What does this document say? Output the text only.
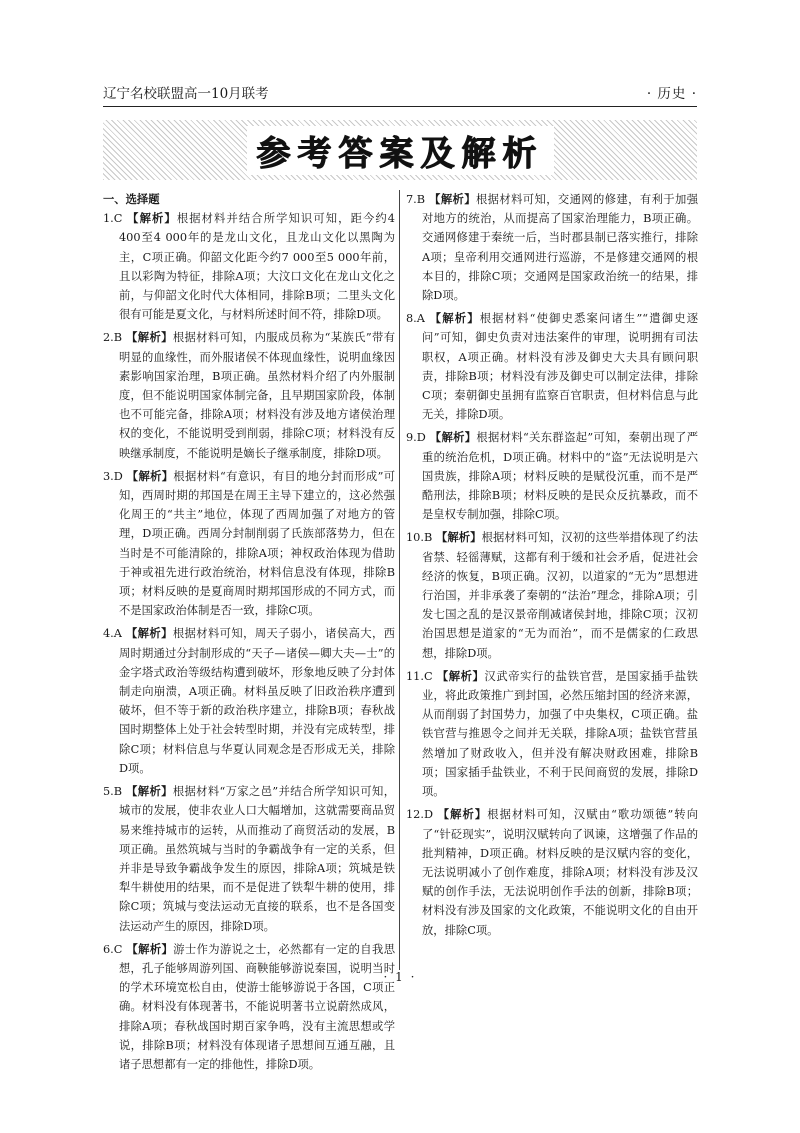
辽宁名校联盟高一10月联考	· 历史 ·
参考答案及解析
一、选择题

1.C 【解析】根据材料并结合所学知识可知，距今约4 400至4 000年的是龙山文化，且龙山文化以黑陶为主，C项正确。仰韶文化距今约7 000至5 000年前，且以彩陶为特征，排除A项；大汶口文化在龙山文化之前，与仰韶文化时代大体相同，排除B项；二里头文化很有可能是夏文化，与材料所述时间不符，排除D项。

2.B 【解析】根据材料可知，内服成员称为“某族氏”带有明显的血缘性，而外服诸侯不体现血缘性，说明血缘因素影响国家治理，B项正确。虽然材料介绍了内外服制度，但不能说明国家体制完备，且早期国家阶段，体制也不可能完备，排除A项；材料没有涉及地方诸侯治理权的变化，不能说明受到削弱，排除C项；材料没有反映继承制度，不能说明是嫡长子继承制度，排除D项。

3.D 【解析】根据材料“有意识，有目的地分封而形成”可知，西周时期的邦国是在周王主导下建立的，这必然强化周王的“共主”地位，体现了西周加强了对地方的管理，D项正确。西周分封制削弱了氏族部落势力，但在当时是不可能清除的，排除A项；神权政治体现为借助于神或祖先进行政治统治，材料信息没有体现，排除B项；材料反映的是夏商周时期邦国形成的不同方式，而不是国家政治体制是否一致，排除C项。

4.A 【解析】根据材料可知，周天子弱小，诸侯高大，西周时期通过分封制形成的“天子—诸侯—卿大夫—士”的金字塔式政治等级结构遭到破坏，形象地反映了分封体制走向崩溃，A项正确。材料虽反映了旧政治秩序遭到破坏，但不等于新的政治秩序建立，排除B项；春秋战国时期整体上处于社会转型时期，并没有完成转型，排除C项；材料信息与华夏认同观念是否形成无关，排除D项。

5.B 【解析】根据材料“万家之邑”并结合所学知识可知，城市的发展，使非农业人口大幅增加，这就需要商品贸易来维持城市的运转，从而推动了商贸活动的发展，B项正确。虽然筑城与当时的争霸战争有一定的关系，但并非是导致争霸战争发生的原因，排除A项；筑城是铁犁牛耕使用的结果，而不是促进了铁犁牛耕的使用，排除C项；筑城与变法运动无直接的联系，也不是各国变法运动产生的原因，排除D项。

6.C 【解析】游士作为游说之士，必然都有一定的自我思想，孔子能够周游列国、商鞅能够游说秦国，说明当时的学术环境宽松自由，使游士能够游说于各国，C项正确。材料没有体现著书，不能说明著书立说蔚然成风，排除A项；春秋战国时期百家争鸣，没有主流思想或学说，排除B项；材料没有体现诸子思想间互通互融，且诸子思想都有一定的排他性，排除D项。

7.B 【解析】根据材料可知，交通网的修建，有利于加强对地方的统治，从而提高了国家治理能力，B项正确。交通网修建于秦统一后，当时郡县制已落实推行，排除A项；皇帝利用交通网进行巡游，不是修建交通网的根本目的，排除C项；交通网是国家政治统一的结果，排除D项。

8.A 【解析】根据材料“使御史悉案问诸生”“遣御史逐问”可知，御史负责对违法案件的审理，说明拥有司法职权，A项正确。材料没有涉及御史大夫具有顾问职责，排除B项；材料没有涉及御史可以制定法律，排除C项；秦朝御史虽拥有监察百官职责，但材料信息与此无关，排除D项。

9.D 【解析】根据材料“关东群盗起”可知，秦朝出现了严重的统治危机，D项正确。材料中的“盗”无法说明是六国贵族，排除A项；材料反映的是赋役沉重，而不是严酷刑法，排除B项；材料反映的是民众反抗暴政，而不是皇权专制加强，排除C项。

10.B 【解析】根据材料可知，汉初的这些举措体现了约法省禁、轻徭薄赋，这都有利于缓和社会矛盾，促进社会经济的恢复，B项正确。汉初，以道家的“无为”思想进行治国，并非承袭了秦朝的“法治”理念，排除A项；引发七国之乱的是汉景帝削减诸侯封地，排除C项；汉初治国思想是道家的“无为而治”，而不是儒家的仁政思想，排除D项。

11.C 【解析】汉武帝实行的盐铁官营，是国家插手盐铁业，将此政策推广到封国，必然压缩封国的经济来源，从而削弱了封国势力，加强了中央集权，C项正确。盐铁官营与推恩令之间并无关联，排除A项；盐铁官营虽然增加了财政收入，但并没有解决财政困难，排除B项；国家插手盐铁业，不利于民间商贸的发展，排除D项。

12.D 【解析】根据材料可知，汉赋由“歌功颂德”转向了“针砭现实”，说明汉赋转向了讽谏，这增强了作品的批判精神，D项正确。材料反映的是汉赋内容的变化，无法说明减小了创作难度，排除A项；材料没有涉及汉赋的创作手法，无法说明创作手法的创新，排除B项；材料没有涉及国家的文化政策，不能说明文化的自由开放，排除C项。

· 1 ·
